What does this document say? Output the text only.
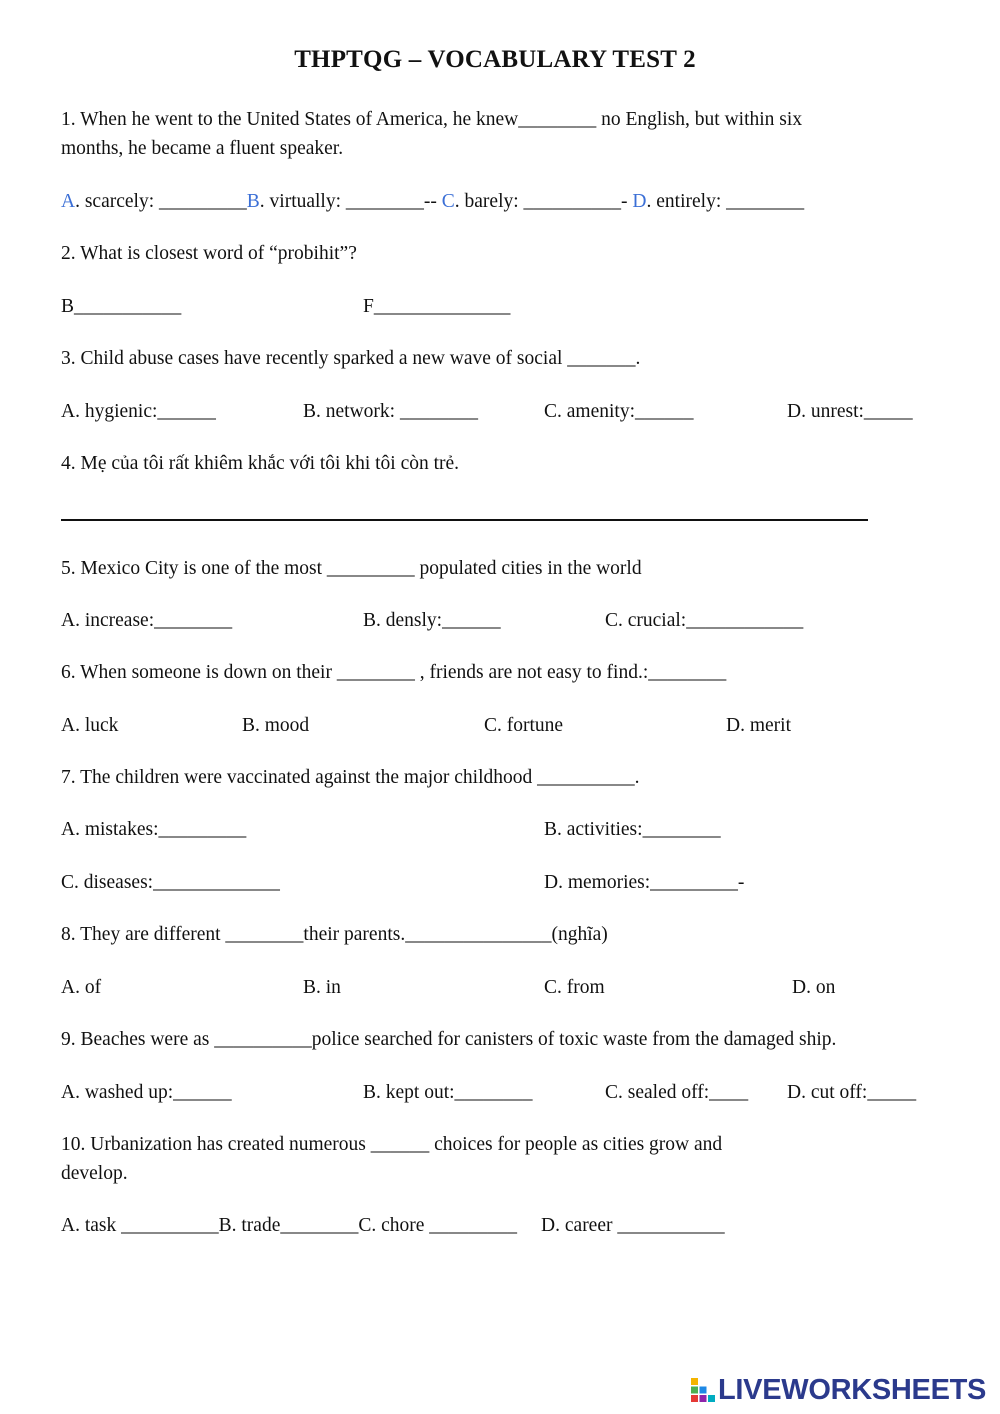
THPTQG – VOCABULARY TEST 2
1. When he went to the United States of America, he knew________ no English, but within six
months, he became a fluent speaker.
A. scarcely: _________B. virtually: ________-- C. barely: __________- D. entirely: ________
2. What is closest word of “probihit”?
B___________	F______________
3. Child abuse cases have recently sparked a new wave of social _______.
A. hygienic:______	B. network: ________	C. amenity:______	D. unrest:_____
4. Mẹ của tôi rất khiêm khắc với tôi khi tôi còn trẻ.
5. Mexico City is one of the most _________ populated cities in the world
A. increase:________	B. densly:______	C. crucial:____________
6. When someone is down on their ________ , friends are not easy to find.:________
A. luck	B. mood	C. fortune	D. merit
7. The children were vaccinated against the major childhood __________.
A. mistakes:_________	B. activities:________
C. diseases:_____________	D. memories:_________-
8. They are different ________their parents._______________(nghĩa)
A. of	B. in	C. from	D. on
9. Beaches were as __________police searched for canisters of toxic waste from the damaged ship.
A. washed up:______	B. kept out:________	C. sealed off:____ D. cut off:_____
10. Urbanization has created numerous ______ choices for people as cities grow and
develop.
A. task __________B. trade________C. chore _________ D. career ___________
LIVEWORKSHEETS
